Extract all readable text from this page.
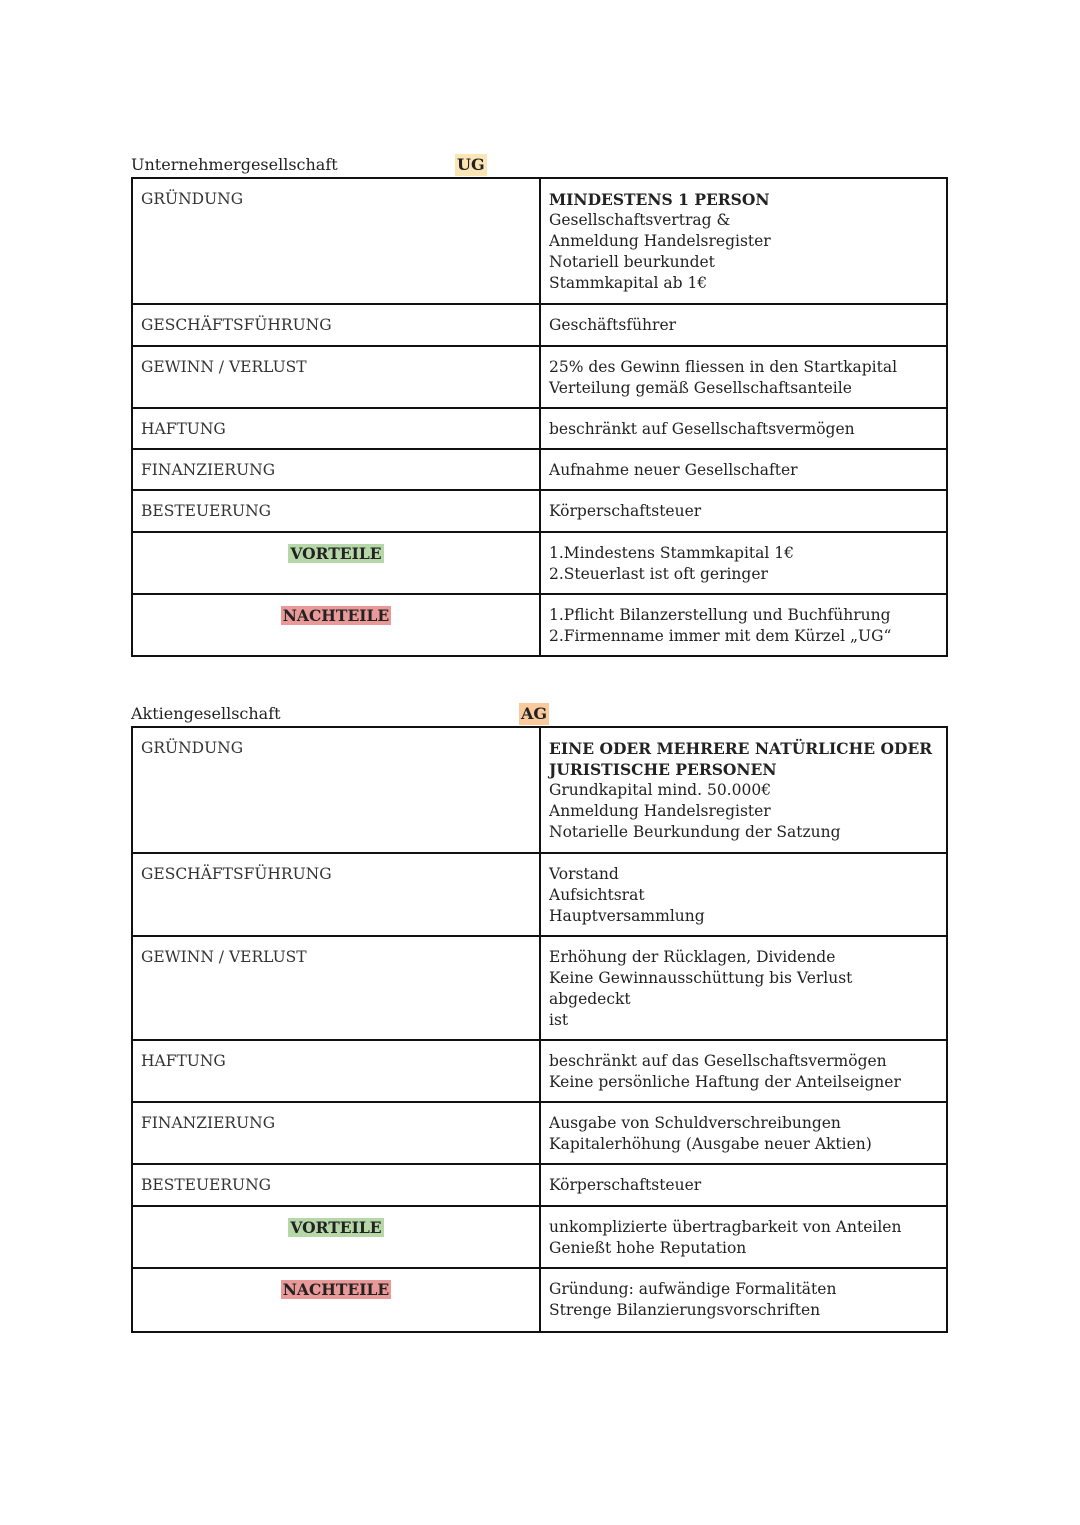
Unternehmergesellschaft	UG
GRÜNDUNG	MINDESTENS 1 PERSON
Gesellschaftsvertrag &
Anmeldung Handelsregister
Notariell beurkundet
Stammkapital ab 1€

GESCHÄFTSFÜHRUNG	Geschäftsführer

GEWINN / VERLUST	25% des Gewinn fliessen in den Startkapital
Verteilung gemäß Gesellschaftsanteile

HAFTUNG	beschränkt auf Gesellschaftsvermögen

FINANZIERUNG	Aufnahme neuer Gesellschafter

BESTEUERUNG	Körperschaftsteuer

VORTEILE	1.Mindestens Stammkapital 1€
2.Steuerlast ist oft geringer

NACHTEILE	1.Pflicht Bilanzerstellung und Buchführung
2.Firmenname immer mit dem Kürzel „UG“
Aktiengesellschaft	AG
GRÜNDUNG	EINE ODER MEHRERE NATÜRLICHE ODER
JURISTISCHE PERSONEN
Grundkapital mind. 50.000€
Anmeldung Handelsregister
Notarielle Beurkundung der Satzung

GESCHÄFTSFÜHRUNG	Vorstand
Aufsichtsrat
Hauptversammlung

GEWINN / VERLUST	Erhöhung der Rücklagen, Dividende
Keine Gewinnausschüttung bis Verlust abgedeckt
ist

HAFTUNG	beschränkt auf das Gesellschaftsvermögen
Keine persönliche Haftung der Anteilseigner

FINANZIERUNG	Ausgabe von Schuldverschreibungen
Kapitalerhöhung (Ausgabe neuer Aktien)

BESTEUERUNG	Körperschaftsteuer

VORTEILE	unkomplizierte übertragbarkeit von Anteilen
Genießt hohe Reputation

NACHTEILE	Gründung: aufwändige Formalitäten
Strenge Bilanzierungsvorschriften
